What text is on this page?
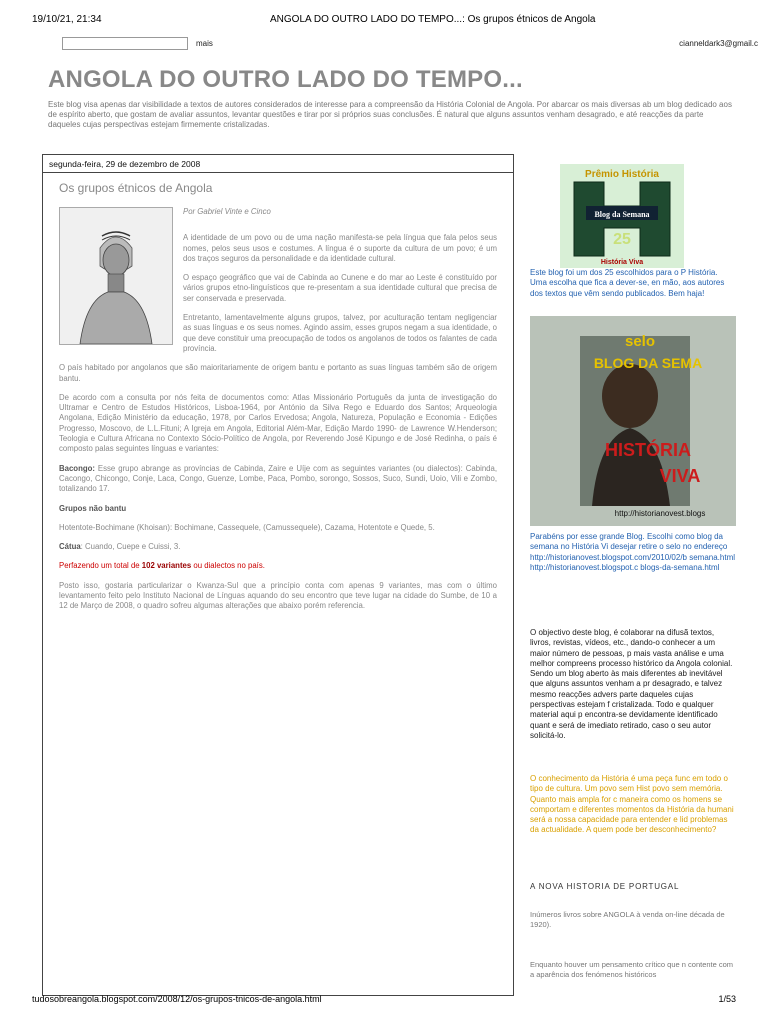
19/10/21, 21:34	ANGOLA DO OUTRO LADO DO TEMPO...: Os grupos étnicos de Angola
mais	cianneldark3@gmail.c
ANGOLA DO OUTRO LADO DO TEMPO...
Este blog visa apenas dar visibilidade a textos de autores considerados de interesse para a compreensão da História Colonial de Angola. Por abarcar os mais diversas ab um blog dedicado aos de espírito aberto, que gostam de avaliar assuntos, levantar questões e tirar por si próprios suas conclusões. É natural que alguns assuntos venham desagrado, e até reacções da parte daqueles cujas perspectivas estejam firmemente cristalizadas.
segunda-feira, 29 de dezembro de 2008
Os grupos étnicos de Angola

Por Gabriel Vinte e Cinco

A identidade de um povo ou de uma nação manifesta-se pela língua que fala pelos seus nomes, pelos seus usos e costumes. A língua é o suporte da cultura de um povo; é um dos traços seguros da personalidade e da identidade cultural.

O espaço geográfico que vai de Cabinda ao Cunene e do mar ao Leste é constituído por vários grupos etno-linguísticos que re-presentam a sua identidade cultural que precisa de ser conservada e preservada.

Entretanto, lamentavelmente alguns grupos, talvez, por aculturação tentam negligenciar as suas línguas e os seus nomes. Agindo assim, esses grupos negam a sua identidade, o que deve constituir uma preocupação de todos os angolanos de todos os falantes de cada província.

O país habitado por angolanos que são maioritariamente de origem bantu e portanto as suas línguas também são de origem bantu.

De acordo com a consulta por nós feita de documentos como: Atlas Missionário Português da junta de investigação do Ultramar e Centro de Estudos Históricos, Lisboa-1964, por António da Silva Rego e Eduardo dos Santos; Arqueologia Angolana, Edição Ministério da educação, 1978, por Carlos Ervedosa; Angola, Natureza, População e Economia - Edições Progresso, Moscovo, de L.L.Fituni; A Igreja em Angola, Editorial Além-Mar, Edição Mardo 1990- de Lawrence W.Henderson; Teologia e Cultura Africana no Contexto Sócio-Político de Angola, por Reverendo José Kipungo e de José Redinha, o país é composto palas seguintes línguas e variantes:

Bacongo: Esse grupo abrange as províncias de Cabinda, Zaire e Uíje com as seguintes variantes (ou dialectos): Cabinda, Cacongo, Chicongo, Conje, Laca, Congo, Guenze, Lombe, Paca, Pombo, sorongo, Sossos, Suco, Sundi, Uoio, Vili e Zombo, totalizando 17.

Grupos não bantu

Hotentote-Bochimane (Khoisan): Bochimane, Cassequele, (Camussequele), Cazama, Hotentote e Quede, 5.

Cátua: Cuando, Cuepe e Cuissi, 3.

Perfazendo um total de 102 variantes ou dialectos no país.

Posto isso, gostaria particularizar o Kwanza-Sul que a princípio conta com apenas 9 variantes, mas com o último levantamento feito pelo Instituto Nacional de Línguas aquando do seu encontro que teve lugar na cidade do Sumbe, de 10 a 12 de Março de 2008, o quadro sofreu algumas alterações que abaixo porém referencia.

Prêmio História
Blog da Semana
25
História Viva
Este blog foi um dos 25 escolhidos para o P História. Uma escolha que fica a dever-se, en mão, aos autores dos textos que vêm sendo publicados. Bem haja!
selo
BLOG DA SEMA
HISTÓRIA
VIVA
http://historianovest.blogs
Parabéns por esse grande Blog. Escolhi como blog da semana no História Vi desejar retire o selo no endereço http://historianovest.blogspot.com/2010/02/b semana.html http://historianovest.blogspot.c blogs-da-semana.html
O objectivo deste blog, é colaborar na difusã textos, livros, revistas, vídeos, etc., dando-o conhecer a um maior número de pessoas, p mais vasta análise e uma melhor compreens processo histórico da Angola colonial. Sendo um blog aberto às mais diferentes ab inevitável que alguns assuntos venham a pr desagrado, e talvez mesmo reacções advers parte daqueles cujas perspectivas estejam f cristalizada. Todo e qualquer material aqui p encontra-se devidamente identificado quant e será de imediato retirado, caso o seu autor solicitá-lo.
O conhecimento da História é uma peça func em todo o tipo de cultura. Um povo sem Hist povo sem memória. Quanto mais ampla for c maneira como os homens se comportam e diferentes momentos da História da humani será a nossa capacidade para entender e lid problemas da actualidade. A quem pode ber desconhecimento?
A NOVA HISTORIA DE PORTUGAL
Inúmeros livros sobre ANGOLA à venda on-line década de 1920).
Enquanto houver um pensamento crítico que n contente com a aparência dos fenómenos históricos
tudosobreangola.blogspot.com/2008/12/os-grupos-tnicos-de-angola.html	1/53
